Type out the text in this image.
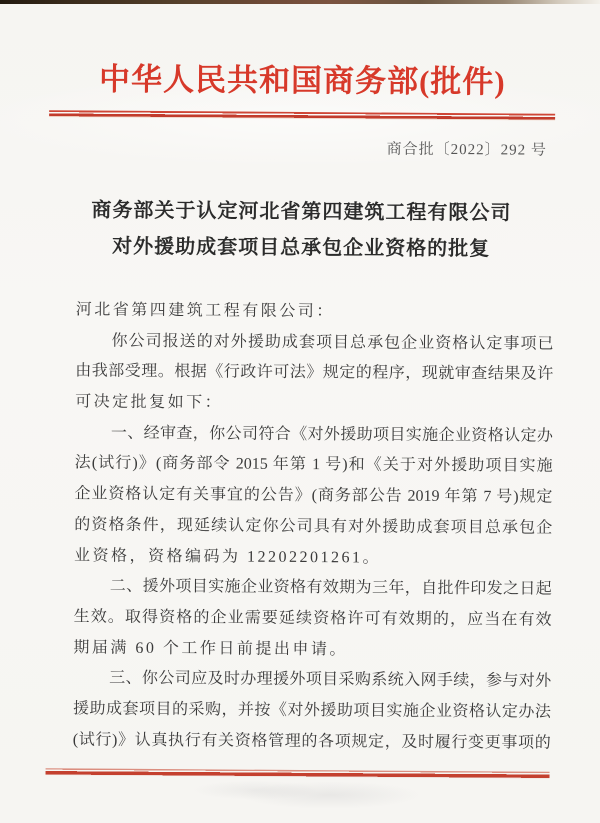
中华人民共和国商务部(批件)
商合批〔2022〕292 号
商务部关于认定河北省第四建筑工程有限公司
对外援助成套项目总承包企业资格的批复
河北省第四建筑工程有限公司：
你公司报送的对外援助成套项目总承包企业资格认定事项已
由我部受理。根据《行政许可法》规定的程序，现就审查结果及许
可决定批复如下：
一、经审查，你公司符合《对外援助项目实施企业资格认定办
法(试行)》(商务部令 2015 年第 1 号)和《关于对外援助项目实施
企业资格认定有关事宜的公告》(商务部公告 2019 年第 7 号)规定
的资格条件，现延续认定你公司具有对外援助成套项目总承包企
业资格，资格编码为 12202201261。
二、援外项目实施企业资格有效期为三年，自批件印发之日起
生效。取得资格的企业需要延续资格许可有效期的，应当在有效
期届满 60 个工作日前提出申请。
三、你公司应及时办理援外项目采购系统入网手续，参与对外
援助成套项目的采购，并按《对外援助项目实施企业资格认定办法
(试行)》认真执行有关资格管理的各项规定，及时履行变更事项的
